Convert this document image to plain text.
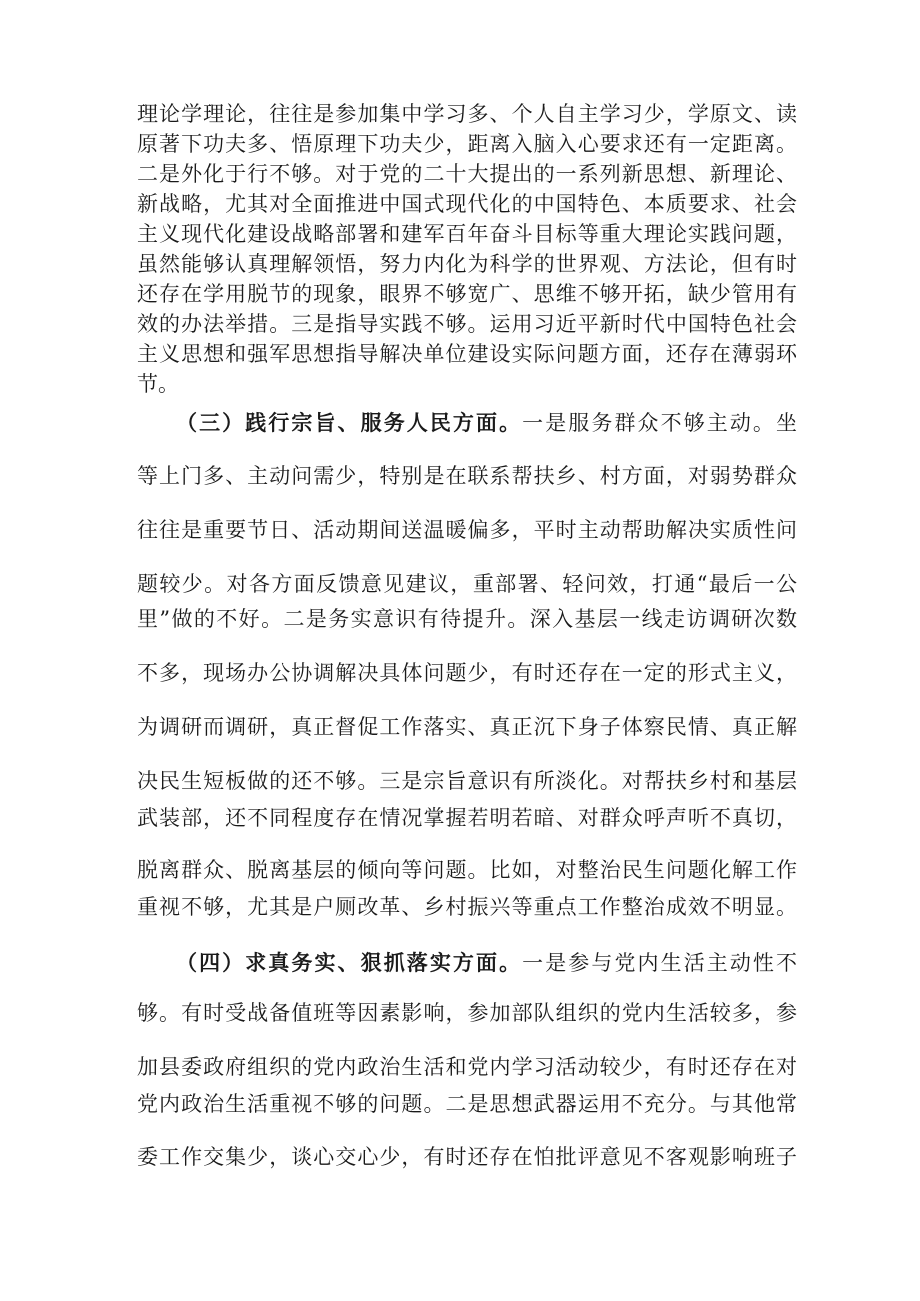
理论学理论，往往是参加集中学习多、个人自主学习少，学原文、读
原著下功夫多、悟原理下功夫少，距离入脑入心要求还有一定距离。
二是外化于行不够。对于党的二十大提出的一系列新思想、新理论、
新战略，尤其对全面推进中国式现代化的中国特色、本质要求、社会
主义现代化建设战略部署和建军百年奋斗目标等重大理论实践问题，
虽然能够认真理解领悟，努力内化为科学的世界观、方法论，但有时
还存在学用脱节的现象，眼界不够宽广、思维不够开拓，缺少管用有
效的办法举措。三是指导实践不够。运用习近平新时代中国特色社会
主义思想和强军思想指导解决单位建设实际问题方面，还存在薄弱环
节。
（三）践行宗旨、服务人民方面。一是服务群众不够主动。坐
等上门多、主动问需少，特别是在联系帮扶乡、村方面，对弱势群众
往往是重要节日、活动期间送温暖偏多，平时主动帮助解决实质性问
题较少。对各方面反馈意见建议，重部署、轻问效，打通“最后一公
里”做的不好。二是务实意识有待提升。深入基层一线走访调研次数
不多，现场办公协调解决具体问题少，有时还存在一定的形式主义，
为调研而调研，真正督促工作落实、真正沉下身子体察民情、真正解
决民生短板做的还不够。三是宗旨意识有所淡化。对帮扶乡村和基层
武装部，还不同程度存在情况掌握若明若暗、对群众呼声听不真切，
脱离群众、脱离基层的倾向等问题。比如，对整治民生问题化解工作
重视不够，尤其是户厕改革、乡村振兴等重点工作整治成效不明显。
（四）求真务实、狠抓落实方面。一是参与党内生活主动性不
够。有时受战备值班等因素影响，参加部队组织的党内生活较多，参
加县委政府组织的党内政治生活和党内学习活动较少，有时还存在对
党内政治生活重视不够的问题。二是思想武器运用不充分。与其他常
委工作交集少，谈心交心少，有时还存在怕批评意见不客观影响班子
